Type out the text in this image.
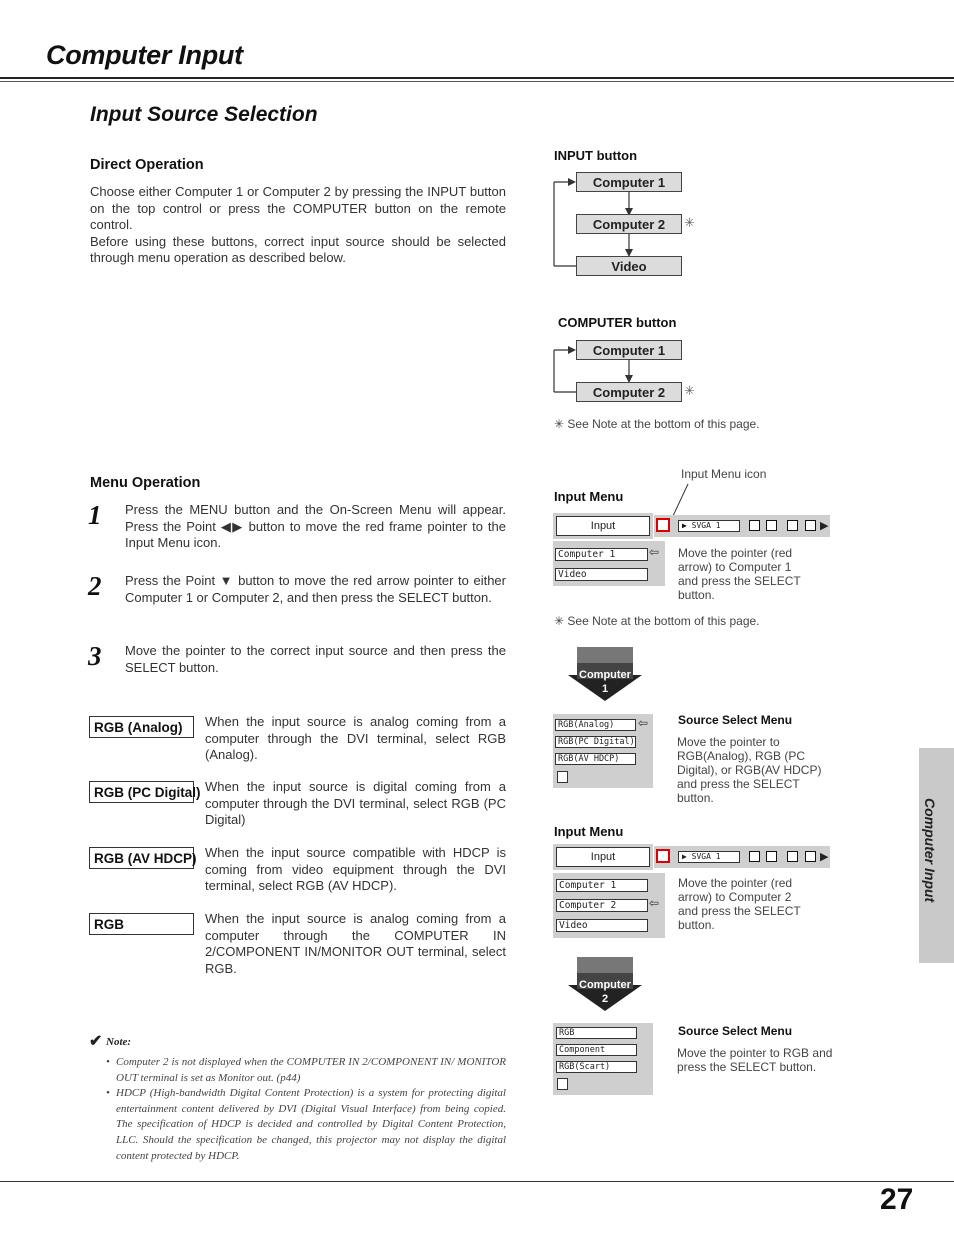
Computer Input
Input Source Selection
Direct Operation
Choose either Computer 1 or Computer 2 by pressing the INPUT button on the top control or press the COMPUTER button on the remote control.
Before using these buttons, correct input source should be selected through menu operation as described below.
INPUT button
Computer 1
Computer 2	✳
Video
COMPUTER button
Computer 1
Computer 2	✳
✳ See Note at the bottom of this page.
Menu Operation
1 Press the MENU button and the On-Screen Menu will appear. Press the Point ◀▶ button to move the red frame pointer to the Input Menu icon.
2 Press the Point ▼ button to move the red arrow pointer to either Computer 1 or Computer 2, and then press the SELECT button.
3 Move the pointer to the correct input source and then press the SELECT button.
RGB (Analog)	When the input source is analog coming from a computer through the DVI terminal, select RGB (Analog).
RGB (PC Digital) When the input source is digital coming from a computer through the DVI terminal, select RGB (PC Digital)
RGB (AV HDCP) When the input source compatible with HDCP is coming from video equipment through the DVI terminal, select RGB (AV HDCP).
RGB	When the input source is analog coming from a computer through the COMPUTER IN 2/COMPONENT IN/MONITOR OUT terminal, select RGB.
✔ Note:
• Computer 2 is not displayed when the COMPUTER IN 2/COMPONENT IN/ MONITOR OUT terminal is set as Monitor out. (p44)
• HDCP (High-bandwidth Digital Content Protection) is a system for protecting digital entertainment content delivered by DVI (Digital Visual Interface) from being copied. The specification of HDCP is decided and controlled by Digital Content Protection, LLC. Should the specification be changed, this projector may not display the digital content protected by HDCP.
Input Menu icon
Input Menu
Input	▶ SVGA 1	▶
Computer 1	⇦
Video
Move the pointer (red arrow) to Computer 1 and press the SELECT button.
✳ See Note at the bottom of this page.
Computer
1
RGB(Analog)	⇦
RGB(PC Digital)
RGB(AV HDCP)
Source Select Menu
Move the pointer to RGB(Analog), RGB (PC Digital), or RGB(AV HDCP) and press the SELECT button.
Input Menu
Input	▶ SVGA 1	▶
Computer 1
Computer 2	⇦
Video
Move the pointer (red arrow) to Computer 2 and press the SELECT button.
Computer
2
RGB
Component
RGB(Scart)
Source Select Menu
Move the pointer to RGB and press the SELECT button.
Computer Input
27
